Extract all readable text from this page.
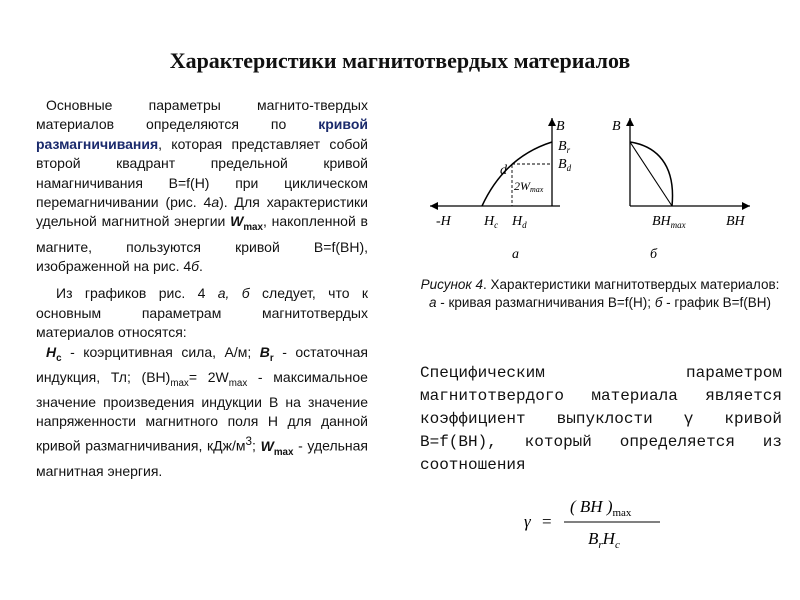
Характеристики магнитотвердых материалов

Основные параметры магнито-твердых материалов определяются по кривой размагничивания, которая представляет собой второй квадрант предельной кривой намагничивания B=f(H) при циклическом перемагничивании (рис. 4а). Для характеристики удельной магнитной энергии $W_{max}$, накопленной в магните, пользуются кривой B=f(BH), изображенной на рис. 4б.

Из графиков рис. 4 а, б следует, что к основным параметрам магнитотвердых материалов относятся:

$H_c$ - коэрцитивная сила, А/м; $B_r$ - остаточная индукция, Тл; $(BH)_{max}= 2W_{max}$ - максимальное значение произведения индукции B на значение напряженности магнитного поля H для данной кривой размагничивания, кДж/$м^3$; $W_{max}$ - удельная магнитная энергия.

B
$B_r$
$B_d$
d
2Wmax
-H $H_c$ $H_d$
а
B
$BH_{max}$	BH
б
Рисунок 4. Характеристики магнитотвердых материалов: а - кривая размагничивания B=f(H); б - график B=f(BH)
Специфическим параметром магнитотвердого материала является коэффициент выпуклости γ кривой B=f(BH), который определяется из соотношения
γ =
( BH )$_{max}$
$B_rH_c$
